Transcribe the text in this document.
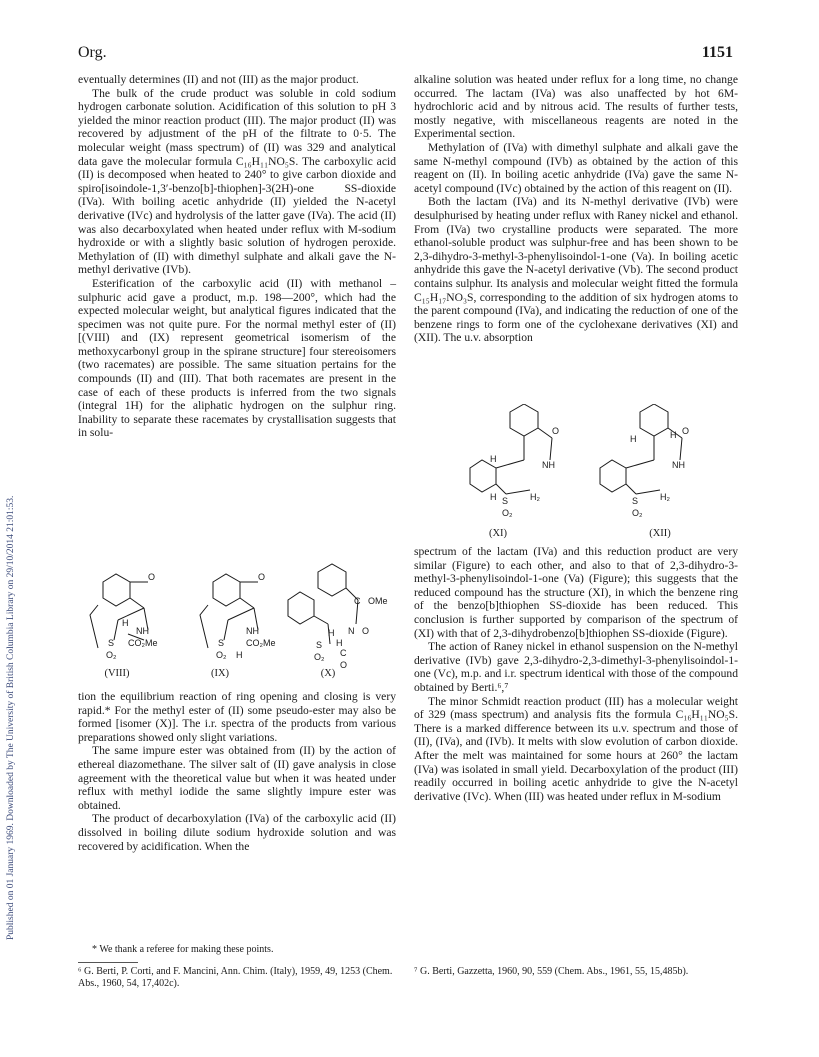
Org.	1151
Published on 01 January 1969. Downloaded by The University of British Columbia Library on 29/10/2014 21:01:53.

eventually determines (II) and not (III) as the major product.

The bulk of the crude product was soluble in cold sodium hydrogen carbonate solution. Acidification of this solution to pH 3 yielded the minor reaction product (III). The major product (II) was recovered by adjustment of the pH of the filtrate to 0·5. The molecular weight (mass spectrum) of (II) was 329 and analytical data gave the molecular formula C₁₆H₁₁NO₅S. The carboxylic acid (II) is decomposed when heated to 240° to give carbon dioxide and spiro[isoindole-1,3′-benzo[b]-thiophen]-3(2H)-one SS-dioxide (IVa). With boiling acetic anhydride (II) yielded the N-acetyl derivative (IVc) and hydrolysis of the latter gave (IVa). The acid (II) was also decarboxylated when heated under reflux with M-sodium hydroxide or with a slightly basic solution of hydrogen peroxide. Methylation of (II) with dimethyl sulphate and alkali gave the N-methyl derivative (IVb).

Esterification of the carboxylic acid (II) with methanol –sulphuric acid gave a product, m.p. 198—200°, which had the expected molecular weight, but analytical figures indicated that the specimen was not quite pure. For the normal methyl ester of (II) [(VIII) and (IX) represent geometrical isomerism of the methoxycarbonyl group in the spirane structure] four stereoisomers (two racemates) are possible. The same situation pertains for the compounds (II) and (III). That both racemates are present in the case of each of these products is inferred from the two signals (integral 1H) for the aliphatic hydrogen on the sulphur ring. Inability to separate these racemates by crystallisation suggests that in solu-

O
NH
H
S
O₂
CO₂Me
O
NH
CO₂Me
H
S
O₂
C OMe
N O
H
S
O₂
H
C
O
(VIII)	(IX)	(X)

tion the equilibrium reaction of ring opening and closing is very rapid.* For the methyl ester of (II) some pseudo-ester may also be formed [isomer (X)]. The i.r. spectra of the products from various preparations showed only slight variations.

The same impure ester was obtained from (II) by the action of ethereal diazomethane. The silver salt of (II) gave analysis in close agreement with the theoretical value but when it was heated under reflux with methyl iodide the same slightly impure ester was obtained.

The product of decarboxylation (IVa) of the carboxylic acid (II) dissolved in boiling dilute sodium hydroxide solution and was recovered by acidification. When the

* We thank a referee for making these points.
⁶ G. Berti, P. Corti, and F. Mancini, Ann. Chim. (Italy), 1959, 49, 1253 (Chem. Abs., 1960, 54, 17,402c).

alkaline solution was heated under reflux for a long time, no change occurred. The lactam (IVa) was also unaffected by hot 6M-hydrochloric acid and by nitrous acid. The results of further tests, mostly negative, with miscellaneous reagents are noted in the Experimental section.

Methylation of (IVa) with dimethyl sulphate and alkali gave the same N-methyl compound (IVb) as obtained by the action of this reagent on (II). In boiling acetic anhydride (IVa) gave the same N-acetyl compound (IVc) obtained by the action of this reagent on (II).

Both the lactam (IVa) and its N-methyl derivative (IVb) were desulphurised by heating under reflux with Raney nickel and ethanol. From (IVa) two crystalline products were separated. The more ethanol-soluble product was sulphur-free and has been shown to be 2,3-dihydro-3-methyl-3-phenylisoindol-1-one (Va). In boiling acetic anhydride this gave the N-acetyl derivative (Vb). The second product contains sulphur. Its analysis and molecular weight fitted the formula C₁₅H₁₇NO₃S, corresponding to the addition of six hydrogen atoms to the parent compound (IVa), and indicating the reduction of one of the benzene rings to form one of the cyclohexane derivatives (XI) and (XII). The u.v. absorption

O
NH
H
H S H₂
O₂
H
H
O
NH
S H₂
O₂
(XI)	(XII)

spectrum of the lactam (IVa) and this reduction product are very similar (Figure) to each other, and also to that of 2,3-dihydro-3-methyl-3-phenylisoindol-1-one (Va) (Figure); this suggests that the reduced compound has the structure (XI), in which the benzene ring of the benzo[b]thiophen SS-dioxide has been reduced. This conclusion is further supported by comparison of the spectrum of (XI) with that of 2,3-dihydrobenzo[b]thiophen SS-dioxide (Figure).

The action of Raney nickel in ethanol suspension on the N-methyl derivative (IVb) gave 2,3-dihydro-2,3-dimethyl-3-phenylisoindol-1-one (Vc), m.p. and i.r. spectrum identical with those of the compound obtained by Berti.⁶,⁷

The minor Schmidt reaction product (III) has a molecular weight of 329 (mass spectrum) and analysis fits the formula C₁₆H₁₁NO₅S. There is a marked difference between its u.v. spectrum and those of (II), (IVa), and (IVb). It melts with slow evolution of carbon dioxide. After the melt was maintained for some hours at 260° the lactam (IVa) was isolated in small yield. Decarboxylation of the product (III) readily occurred in boiling acetic anhydride to give the N-acetyl derivative (IVc). When (III) was heated under reflux in M-sodium

⁷ G. Berti, Gazzetta, 1960, 90, 559 (Chem. Abs., 1961, 55, 15,485b).
